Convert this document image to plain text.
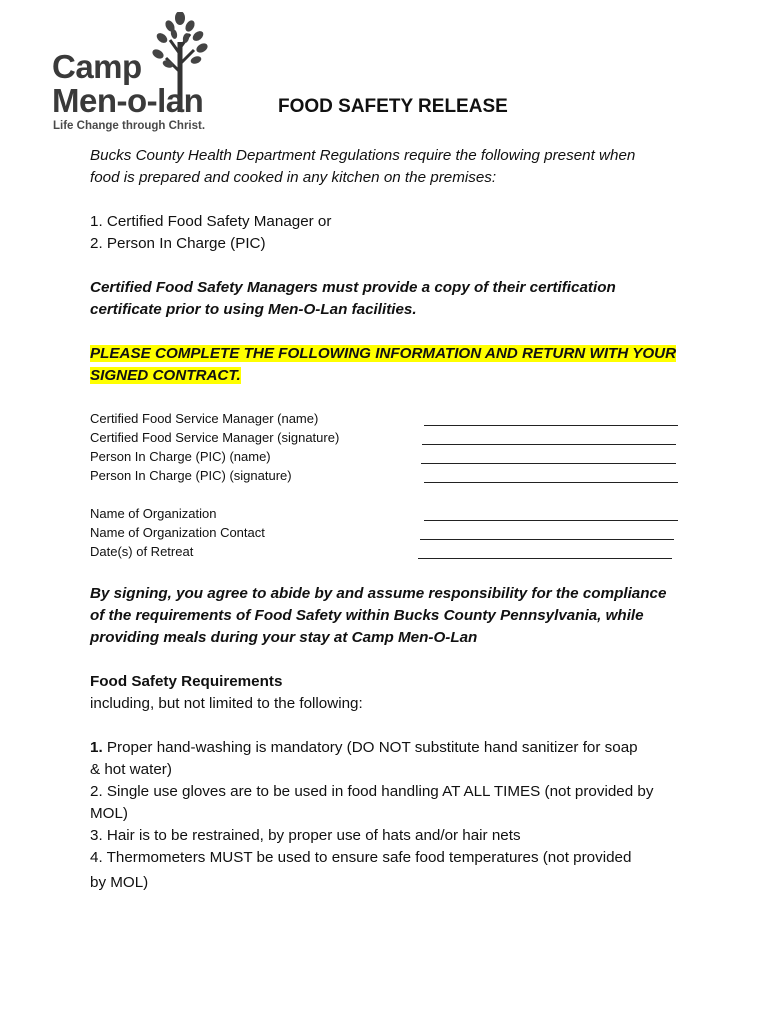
Camp
Men-o-lan
Life Change through Christ.
FOOD SAFETY RELEASE
Bucks County Health Department Regulations require the following present when
food is prepared and cooked in any kitchen on the premises:
1. Certified Food Safety Manager or
2. Person In Charge (PIC)
Certified Food Safety Managers must provide a copy of their certification
certificate prior to using Men-O-Lan facilities.
PLEASE COMPLETE THE FOLLOWING INFORMATION AND RETURN WITH YOUR
SIGNED CONTRACT.
Certified Food Service Manager (name)
Certified Food Service Manager (signature)
Person In Charge (PIC) (name)
Person In Charge (PIC) (signature)
Name of Organization
Name of Organization Contact
Date(s) of Retreat
By signing, you agree to abide by and assume responsibility for the compliance
of the requirements of Food Safety within Bucks County Pennsylvania, while
providing meals during your stay at Camp Men-O-Lan
Food Safety Requirements
including, but not limited to the following:
1. Proper hand-washing is mandatory (DO NOT substitute hand sanitizer for soap
& hot water)
2. Single use gloves are to be used in food handling AT ALL TIMES (not provided by
MOL)
3. Hair is to be restrained, by proper use of hats and/or hair nets
4. Thermometers MUST be used to ensure safe food temperatures (not provided
by MOL)
